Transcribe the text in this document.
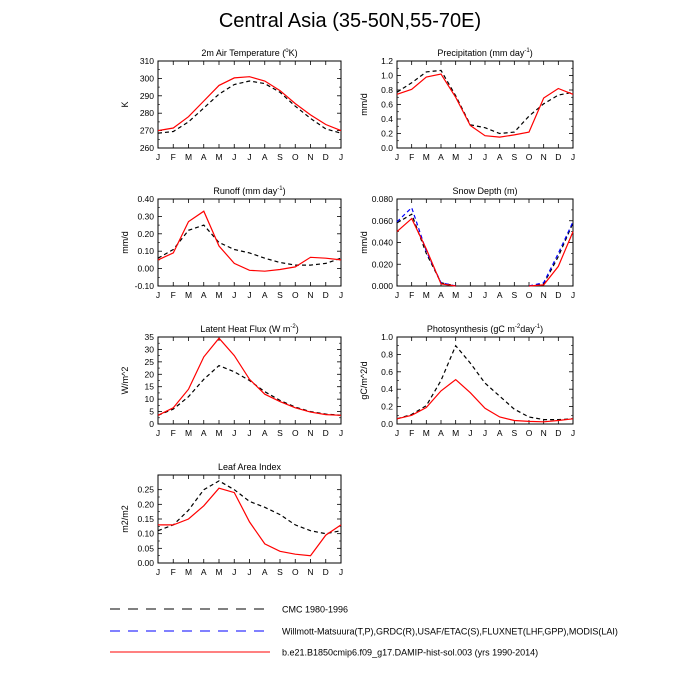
Central Asia (35-50N,55-70E)
2m Air Temperature ($^o$K)
260
270
280
290
300
310
J F M A M J J A S O N D J
K
Precipitation (mm day$^{-1}$)
0.0
0.2
0.4
0.6
0.8
1.0
1.2
J F M A M J J A S O N D J
mm/d
Runoff (mm day$^{-1}$)
-0.10
0.00
0.10
0.20
0.30
0.40
J F M A M J J A S O N D J
mm/d
Snow Depth (m)
0.000
0.020
0.040
0.060
0.080
J F M A M J J A S O N D J
mm/d
Latent Heat Flux (W $m^{-2}$)
0
5
10
15
20
25
30
35
J F M A M J J A S O N D J
W/m^2
Photosynthesis (gC $m^{-2}day^{-1}$)
0.0
0.2
0.4
0.6
0.8
1.0
J F M A M J J A S O N D J
gC/m^2/d
Leaf Area Index
0.00
0.05
0.10
0.15
0.20
0.25
J F M A M J J A S O N D J
m2/m2
CMC 1980-1996
Willmott-Matsuura(T,P),GRDC(R),USAF/ETAC(S),FLUXNET(LHF,GPP),MODIS(LAI)
b.e21.B1850cmip6.f09_g17.DAMIP-hist-sol.003 (yrs 1990-2014)
